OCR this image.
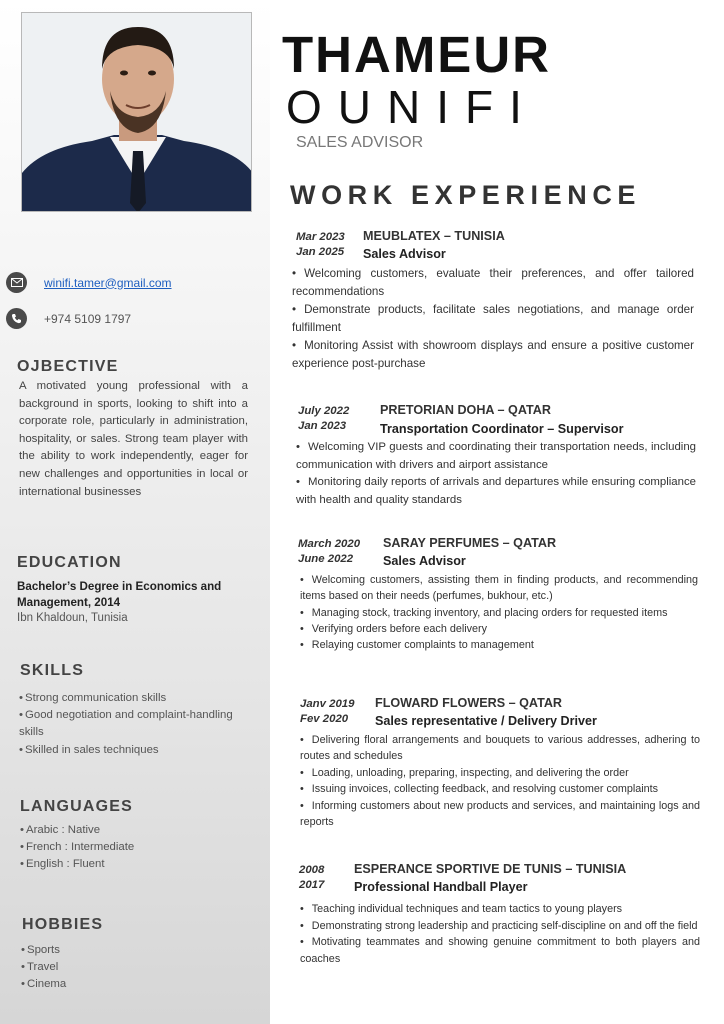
winifi.tamer@gmail.com
+974 5109 1797
OJBECTIVE

A motivated young professional with a background in sports, looking to shift into a corporate role, particularly in administration, hospitality, or sales. Strong team player with the ability to work independently, eager for new challenges and opportunities in local or international businesses

EDUCATION
Bachelor’s Degree in Economics and Management, 2014
Ibn Khaldoun, Tunisia
SKILLS
• Strong communication skills
• Good negotiation and complaint-handling skills
• Skilled in sales techniques
LANGUAGES
• Arabic : Native
• French : Intermediate
• English : Fluent
HOBBIES
• Sports
• Travel
• Cinema
THAMEUR
OUNIFI
SALES ADVISOR
WORK EXPERIENCE
Mar 2023
Jan 2025
MEUBLATEX – TUNISIA
Sales Advisor
• Welcoming customers, evaluate their preferences, and offer tailored recommendations
• Demonstrate products, facilitate sales negotiations, and manage order fulfillment
• Monitoring Assist with showroom displays and ensure a positive customer experience post-purchase
July 2022
Jan 2023
PRETORIAN DOHA – QATAR
Transportation Coordinator – Supervisor
• Welcoming VIP guests and coordinating their transportation needs, including communication with drivers and airport assistance
• Monitoring daily reports of arrivals and departures while ensuring compliance with health and quality standards
March 2020
June 2022
SARAY PERFUMES – QATAR
Sales Advisor
• Welcoming customers, assisting them in finding products, and recommending items based on their needs (perfumes, bukhour, etc.)
• Managing stock, tracking inventory, and placing orders for requested items
• Verifying orders before each delivery
• Relaying customer complaints to management
Janv 2019
Fev 2020
FLOWARD FLOWERS – QATAR
Sales representative / Delivery Driver
• Delivering floral arrangements and bouquets to various addresses, adhering to routes and schedules
• Loading, unloading, preparing, inspecting, and delivering the order
• Issuing invoices, collecting feedback, and resolving customer complaints
• Informing customers about new products and services, and maintaining logs and reports
2008
2017
ESPERANCE SPORTIVE DE TUNIS – TUNISIA
Professional Handball Player
• Teaching individual techniques and team tactics to young players
• Demonstrating strong leadership and practicing self-discipline on and off the field
• Motivating teammates and showing genuine commitment to both players and coaches
